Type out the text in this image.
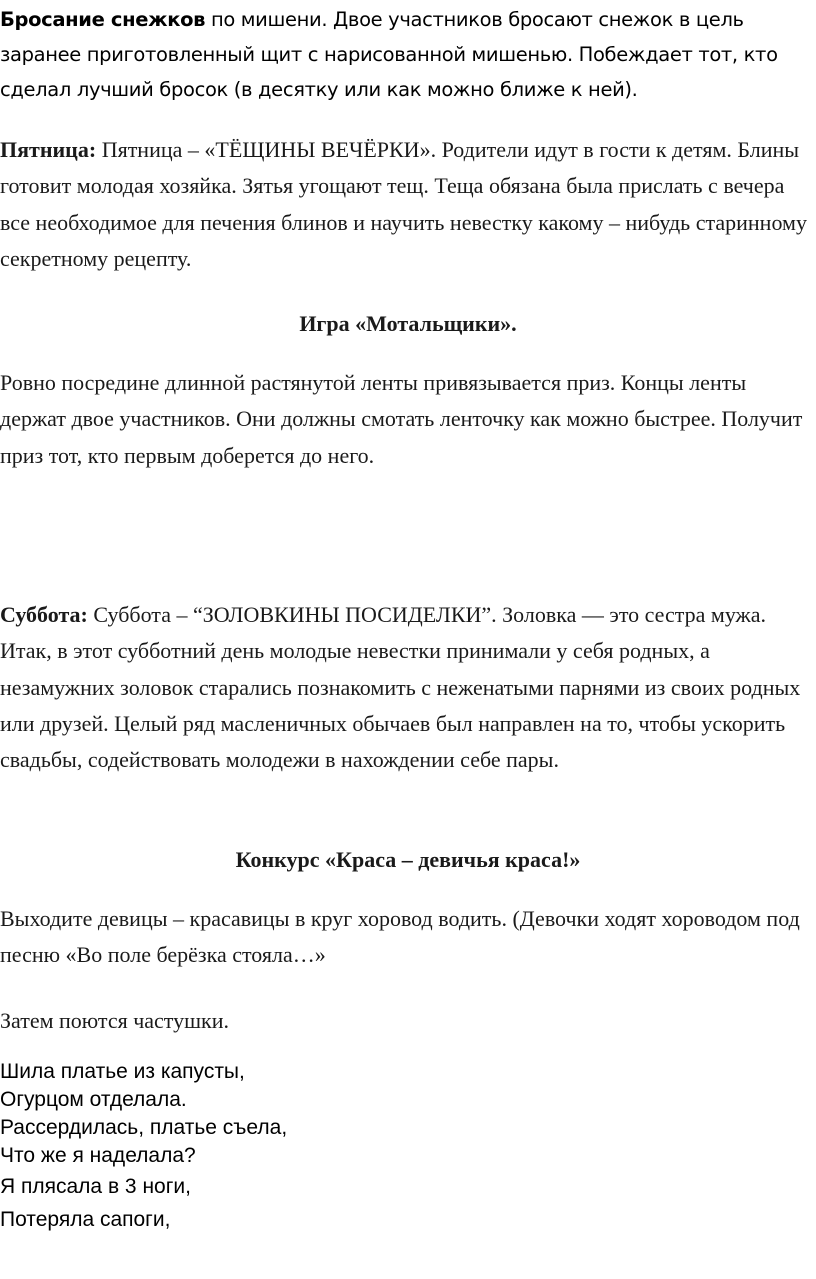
Бросание снежков по мишени. Двое участников бросают снежок в цель заранее приготовленный щит с нарисованной мишенью. Побеждает тот, кто сделал лучший бросок (в десятку или как можно ближе к ней).

Пятница: Пятница – «ТЁЩИНЫ ВЕЧЁРКИ». Родители идут в гости к детям. Блины готовит молодая хозяйка. Зятья угощают тещ. Теща обязана была прислать с вечера все необходимое для печения блинов и научить невестку какому – нибудь старинному секретному рецепту.

Игра «Мотальщики».

Ровно посредине длинной растянутой ленты привязывается приз. Концы ленты держат двое участников. Они должны смотать ленточку как можно быстрее. Получит приз тот, кто первым доберется до него.

Суббота: Суббота – “ЗОЛОВКИНЫ ПОСИДЕЛКИ”. Золовка — это сестра мужа. Итак, в этот субботний день молодые невестки принимали у себя родных, а незамужних золовок старались познакомить с неженатыми парнями из своих родных или друзей. Целый ряд масленичных обычаев был направлен на то, чтобы ускорить свадьбы, содействовать молодежи в нахождении себе пары.

Конкурс «Краса – девичья краса!»

Выходите девицы – красавицы в круг хоровод водить. (Девочки ходят хороводом под песню «Во поле берёзка стояла…»

Затем поются частушки.

Шила платье из капусты,
Огурцом отделала.
Рассердилась, платье съела,
Что же я наделала?
Я плясала в 3 ноги,
Потеряла сапоги,
